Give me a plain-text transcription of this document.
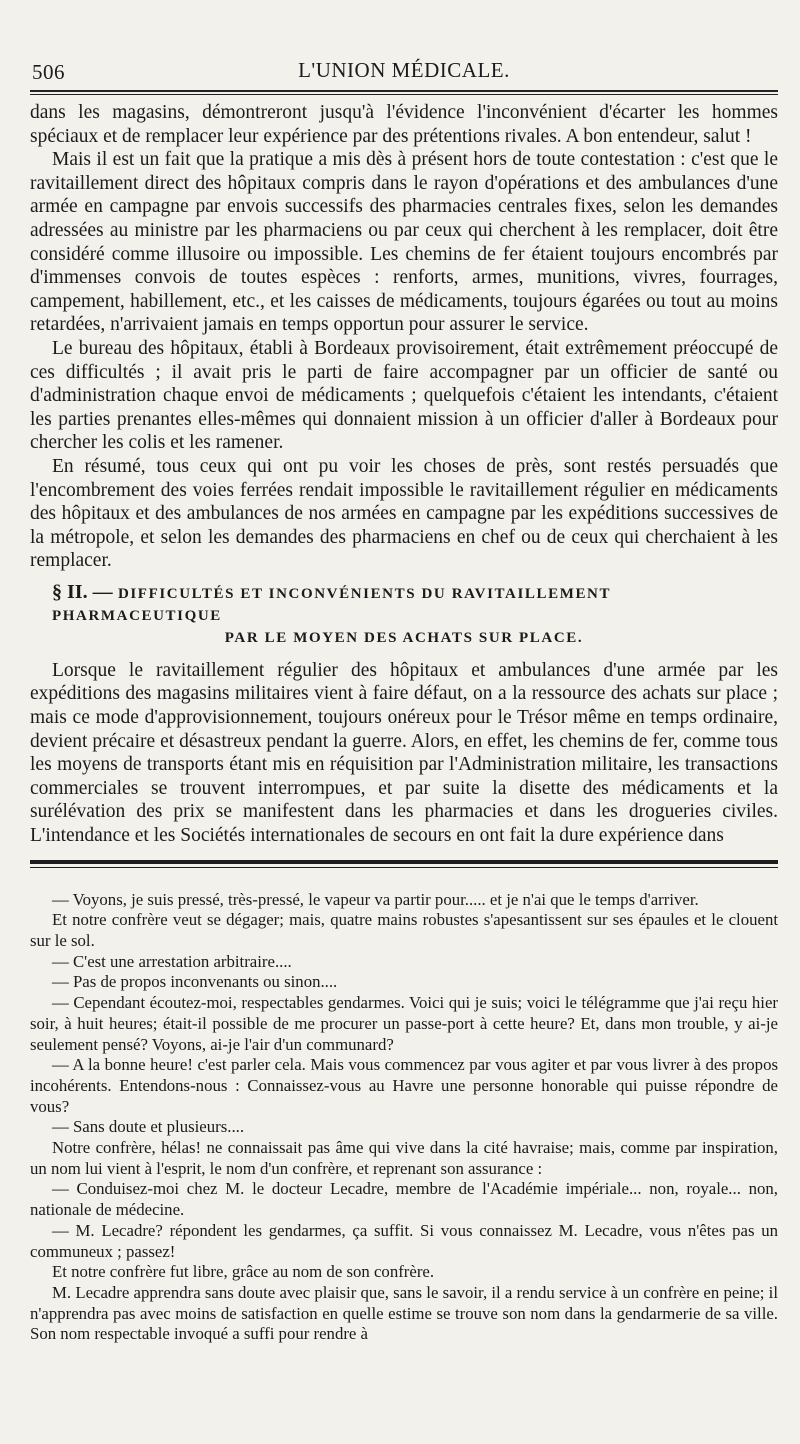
506	L'UNION MÉDICALE.

dans les magasins, démontreront jusqu'à l'évidence l'inconvénient d'écarter les hommes spéciaux et de remplacer leur expérience par des prétentions rivales. A bon entendeur, salut !

Mais il est un fait que la pratique a mis dès à présent hors de toute contestation : c'est que le ravitaillement direct des hôpitaux compris dans le rayon d'opérations et des ambulances d'une armée en campagne par envois successifs des pharmacies centrales fixes, selon les demandes adressées au ministre par les pharmaciens ou par ceux qui cherchent à les remplacer, doit être considéré comme illusoire ou impossible. Les chemins de fer étaient toujours encombrés par d'immenses convois de toutes espèces : renforts, armes, munitions, vivres, fourrages, campement, habillement, etc., et les caisses de médicaments, toujours égarées ou tout au moins retardées, n'arrivaient jamais en temps opportun pour assurer le service.

Le bureau des hôpitaux, établi à Bordeaux provisoirement, était extrêmement préoccupé de ces difficultés ; il avait pris le parti de faire accompagner par un officier de santé ou d'administration chaque envoi de médicaments ; quelquefois c'étaient les intendants, c'étaient les parties prenantes elles-mêmes qui donnaient mission à un officier d'aller à Bordeaux pour chercher les colis et les ramener.

En résumé, tous ceux qui ont pu voir les choses de près, sont restés persuadés que l'encombrement des voies ferrées rendait impossible le ravitaillement régulier en médicaments des hôpitaux et des ambulances de nos armées en campagne par les expéditions successives de la métropole, et selon les demandes des pharmaciens en chef ou de ceux qui cherchaient à les remplacer.

§ II. — DIFFICULTÉS ET INCONVÉNIENTS DU RAVITAILLEMENT PHARMACEUTIQUE
PAR LE MOYEN DES ACHATS SUR PLACE.

Lorsque le ravitaillement régulier des hôpitaux et ambulances d'une armée par les expéditions des magasins militaires vient à faire défaut, on a la ressource des achats sur place ; mais ce mode d'approvisionnement, toujours onéreux pour le Trésor même en temps ordinaire, devient précaire et désastreux pendant la guerre. Alors, en effet, les chemins de fer, comme tous les moyens de transports étant mis en réquisition par l'Administration militaire, les transactions commerciales se trouvent interrompues, et par suite la disette des médicaments et la surélévation des prix se manifestent dans les pharmacies et dans les drogueries civiles. L'intendance et les Sociétés internationales de secours en ont fait la dure expérience dans

— Voyons, je suis pressé, très-pressé, le vapeur va partir pour..... et je n'ai que le temps d'arriver.

Et notre confrère veut se dégager; mais, quatre mains robustes s'apesantissent sur ses épaules et le clouent sur le sol.

— C'est une arrestation arbitraire....

— Pas de propos inconvenants ou sinon....

— Cependant écoutez-moi, respectables gendarmes. Voici qui je suis; voici le télégramme que j'ai reçu hier soir, à huit heures; était-il possible de me procurer un passe-port à cette heure? Et, dans mon trouble, y ai-je seulement pensé? Voyons, ai-je l'air d'un communard?

— A la bonne heure! c'est parler cela. Mais vous commencez par vous agiter et par vous livrer à des propos incohérents. Entendons-nous : Connaissez-vous au Havre une personne honorable qui puisse répondre de vous?

— Sans doute et plusieurs....

Notre confrère, hélas! ne connaissait pas âme qui vive dans la cité havraise; mais, comme par inspiration, un nom lui vient à l'esprit, le nom d'un confrère, et reprenant son assurance :

— Conduisez-moi chez M. le docteur Lecadre, membre de l'Académie impériale... non, royale... non, nationale de médecine.

— M. Lecadre? répondent les gendarmes, ça suffit. Si vous connaissez M. Lecadre, vous n'êtes pas un communeux ; passez!

Et notre confrère fut libre, grâce au nom de son confrère.

M. Lecadre apprendra sans doute avec plaisir que, sans le savoir, il a rendu service à un confrère en peine; il n'apprendra pas avec moins de satisfaction en quelle estime se trouve son nom dans la gendarmerie de sa ville. Son nom respectable invoqué a suffi pour rendre à
